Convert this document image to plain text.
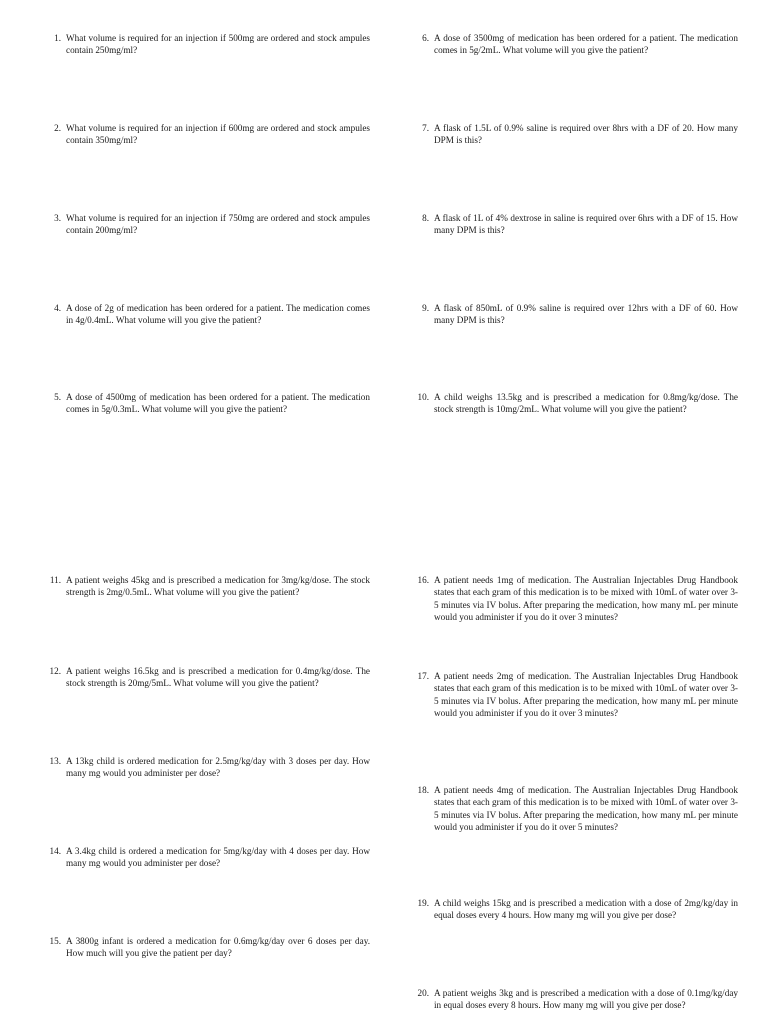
1. What volume is required for an injection if 500mg are ordered and stock ampules contain 250mg/ml?
2. What volume is required for an injection if 600mg are ordered and stock ampules contain 350mg/ml?
3. What volume is required for an injection if 750mg are ordered and stock ampules contain 200mg/ml?
4. A dose of 2g of medication has been ordered for a patient. The medication comes in 4g/0.4mL. What volume will you give the patient?
5. A dose of 4500mg of medication has been ordered for a patient. The medication comes in 5g/0.3mL. What volume will you give the patient?
6. A dose of 3500mg of medication has been ordered for a patient. The medication comes in 5g/2mL. What volume will you give the patient?
7. A flask of 1.5L of 0.9% saline is required over 8hrs with a DF of 20. How many DPM is this?
8. A flask of 1L of 4% dextrose in saline is required over 6hrs with a DF of 15. How many DPM is this?
9. A flask of 850mL of 0.9% saline is required over 12hrs with a DF of 60. How many DPM is this?
10. A child weighs 13.5kg and is prescribed a medication for 0.8mg/kg/dose. The stock strength is 10mg/2mL. What volume will you give the patient?
11. A patient weighs 45kg and is prescribed a medication for 3mg/kg/dose. The stock strength is 2mg/0.5mL. What volume will you give the patient?
12. A patient weighs 16.5kg and is prescribed a medication for 0.4mg/kg/dose. The stock strength is 20mg/5mL. What volume will you give the patient?
13. A 13kg child is ordered medication for 2.5mg/kg/day with 3 doses per day. How many mg would you administer per dose?
14. A 3.4kg child is ordered a medication for 5mg/kg/day with 4 doses per day. How many mg would you administer per dose?
15. A 3800g infant is ordered a medication for 0.6mg/kg/day over 6 doses per day. How much will you give the patient per day?
16. A patient needs 1mg of medication. The Australian Injectables Drug Handbook states that each gram of this medication is to be mixed with 10mL of water over 3-5 minutes via IV bolus. After preparing the medication, how many mL per minute would you administer if you do it over 3 minutes?
17. A patient needs 2mg of medication. The Australian Injectables Drug Handbook states that each gram of this medication is to be mixed with 10mL of water over 3-5 minutes via IV bolus. After preparing the medication, how many mL per minute would you administer if you do it over 3 minutes?
18. A patient needs 4mg of medication. The Australian Injectables Drug Handbook states that each gram of this medication is to be mixed with 10mL of water over 3-5 minutes via IV bolus. After preparing the medication, how many mL per minute would you administer if you do it over 5 minutes?
19. A child weighs 15kg and is prescribed a medication with a dose of 2mg/kg/day in equal doses every 4 hours. How many mg will you give per dose?
20. A patient weighs 3kg and is prescribed a medication with a dose of 0.1mg/kg/day in equal doses every 8 hours. How many mg will you give per dose?
